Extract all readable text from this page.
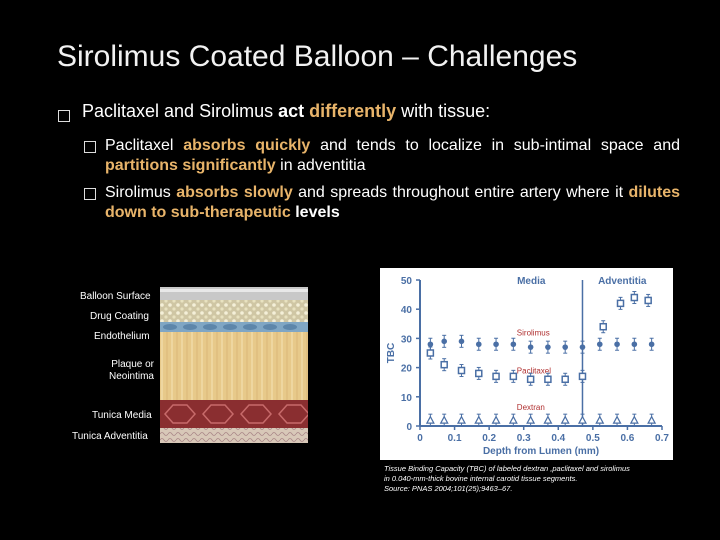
Sirolimus Coated Balloon – Challenges
Paclitaxel and Sirolimus act differently with tissue:
Paclitaxel absorbs quickly and tends to localize in sub-intimal space and partitions significantly in adventitia
Sirolimus absorbs slowly and spreads throughout entire artery where it dilutes down to sub-therapeutic levels
Balloon Surface
Drug Coating
Endothelium
Plaque or
Neointima
Tunica Media
Tunica Adventitia
Media	Adventitia
0
10
20
30
40
50
0 0.1 0.2 0.3 0.4 0.5 0.6 0.7
Depth from Lumen (mm)
TBC
Sirolimus
Paclitaxel
Dextran
Tissue Binding Capacity (TBC) of labeled dextran ,paclitaxel and sirolimus
in 0.040-mm-thick bovine internal carotid tissue segments.
Source: PNAS 2004;101(25);9463–67.
